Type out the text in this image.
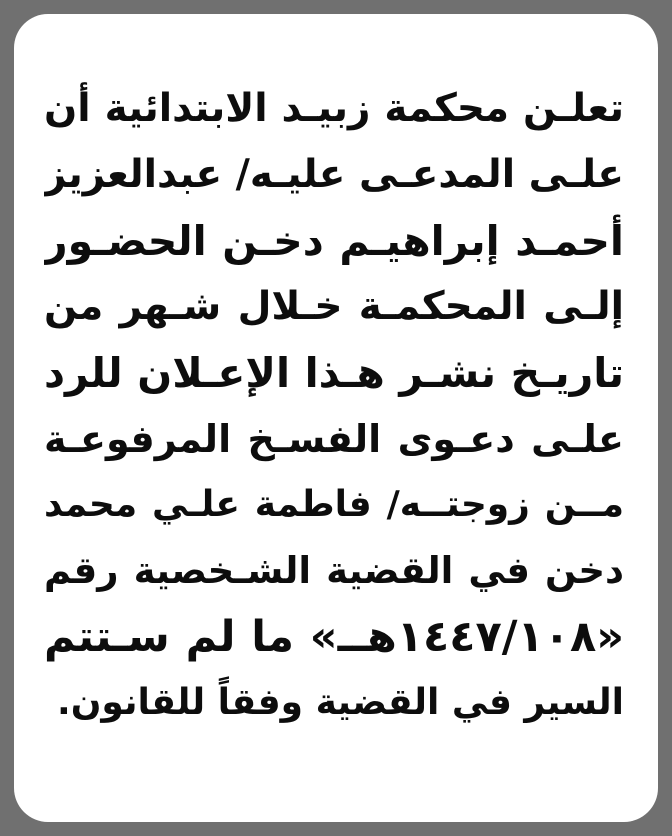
تعلـن محكمة زبيـد الابتدائية أن
علـى المدعـى عليـه/ عبدالعزيز
أحمـد إبراهيـم دخـن الحضـور
إلـى المحكمـة خـلال شـهر من
تاريـخ نشـر هـذا الإعـلان للرد
علـى دعـوى الفسـخ المرفوعـة
مــن زوجتــه/ فاطمة علـي محمد
دخن في القضية الشـخصية رقم
«١٤٤٧/١٠٨هــ» ما لم سـتتم
السير في القضية وفقاً للقانون.
